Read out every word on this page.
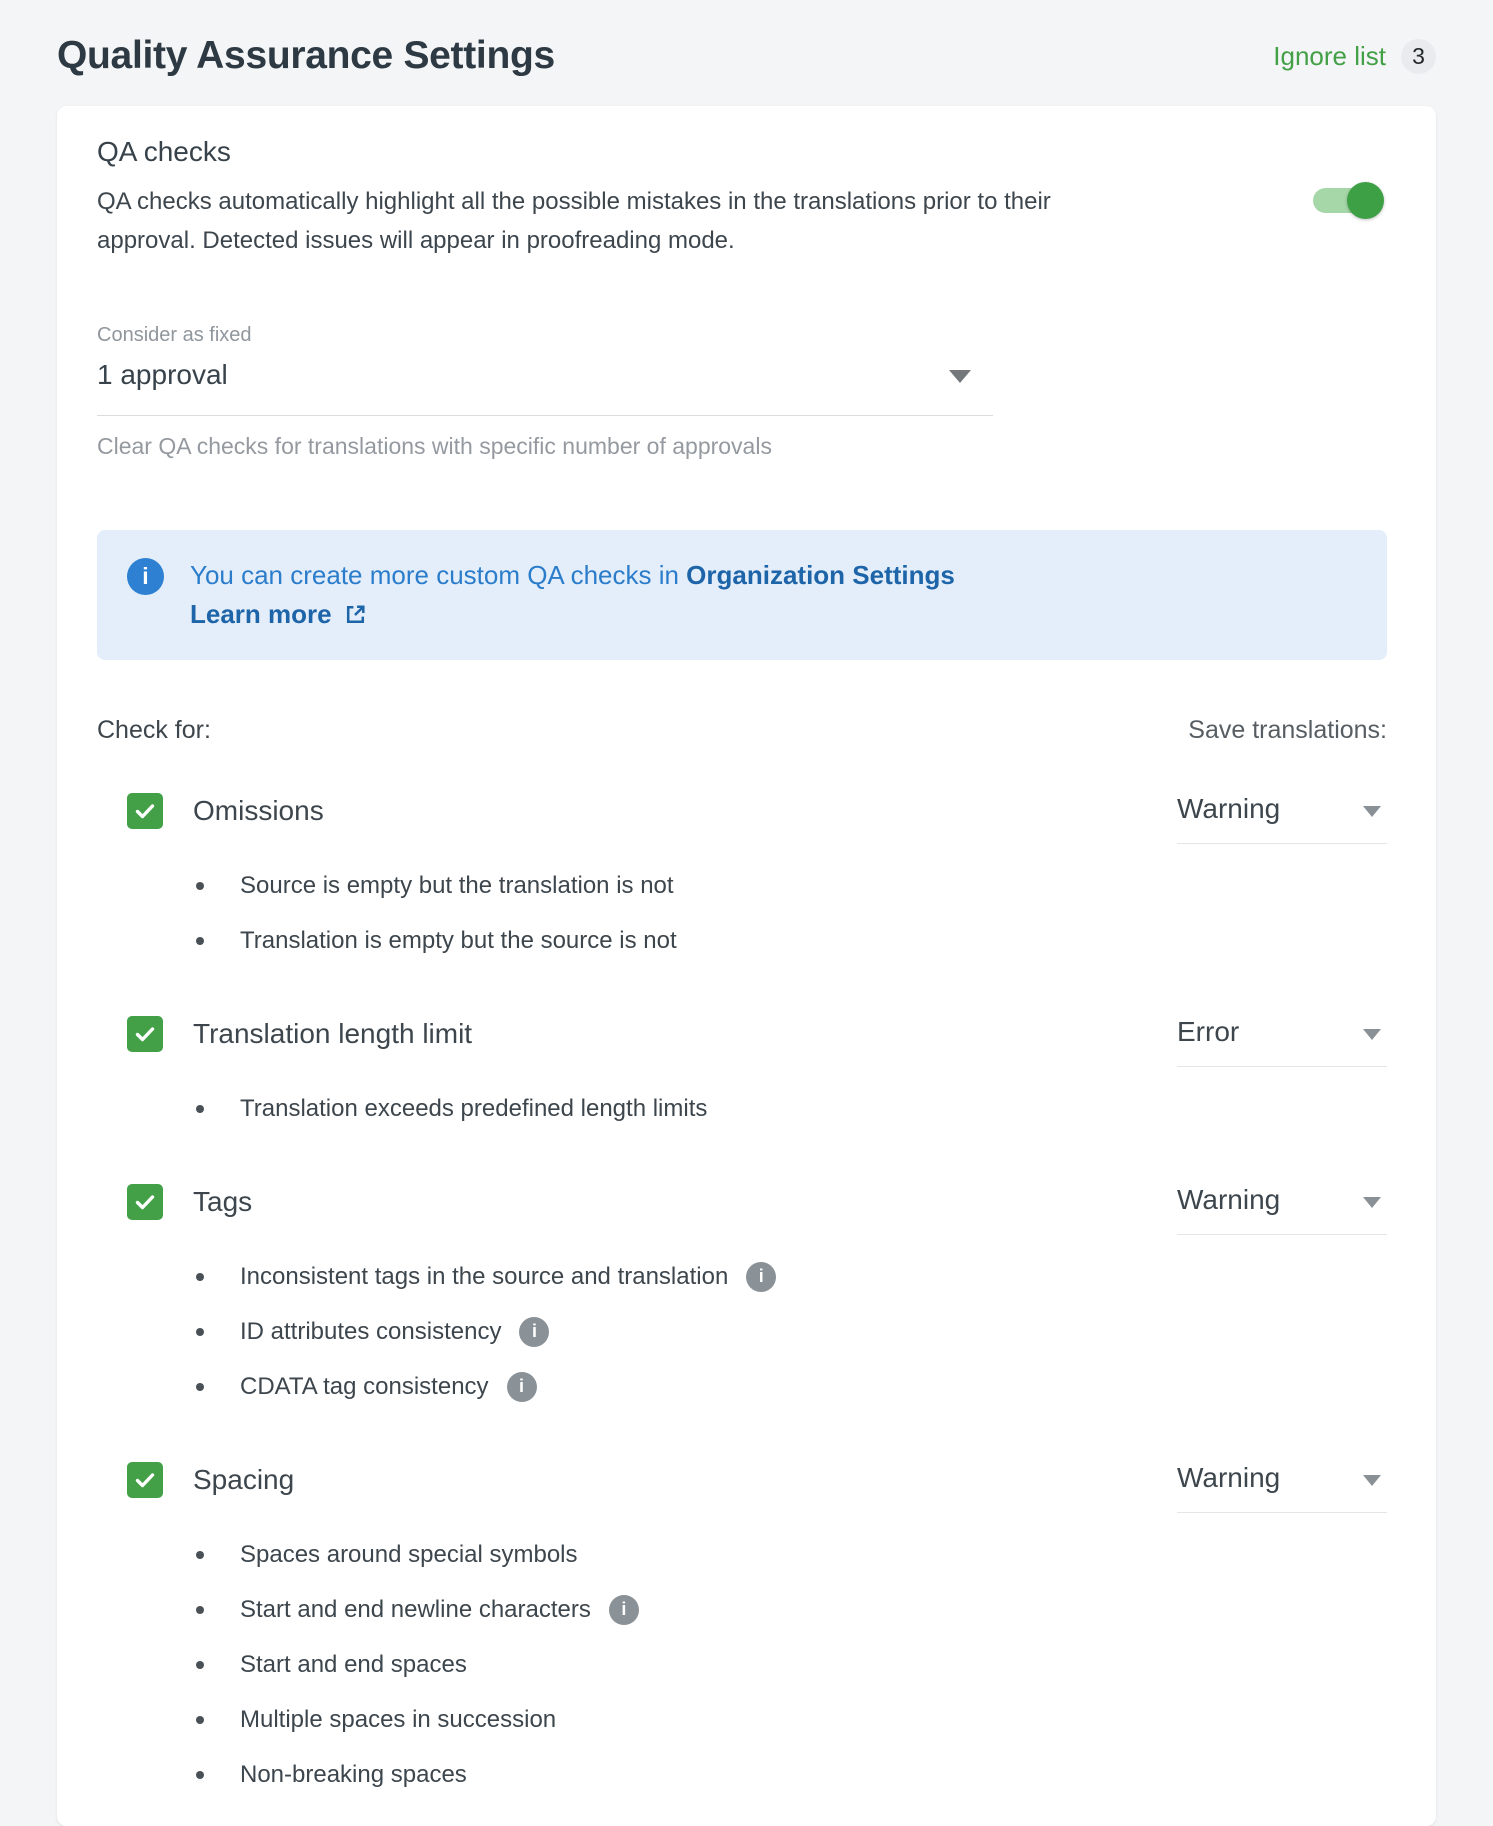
Quality Assurance Settings	Ignore list	3
QA checks

QA checks automatically highlight all the possible mistakes in the translations prior to their approval. Detected issues will appear in proofreading mode.

Consider as fixed
1 approval
Clear QA checks for translations with specific number of approvals
i	You can create more custom QA checks in Organization Settings
Learn more
Check for:	Save translations:
Omissions	Warning
Source is empty but the translation is not
Translation is empty but the source is not
Translation length limit	Error
Translation exceeds predefined length limits
Tags	Warning
Inconsistent tags in the source and translation	i
ID attributes consistency	i
CDATA tag consistency	i
Spacing	Warning
Spaces around special symbols
Start and end newline characters	i
Start and end spaces
Multiple spaces in succession
Non-breaking spaces
